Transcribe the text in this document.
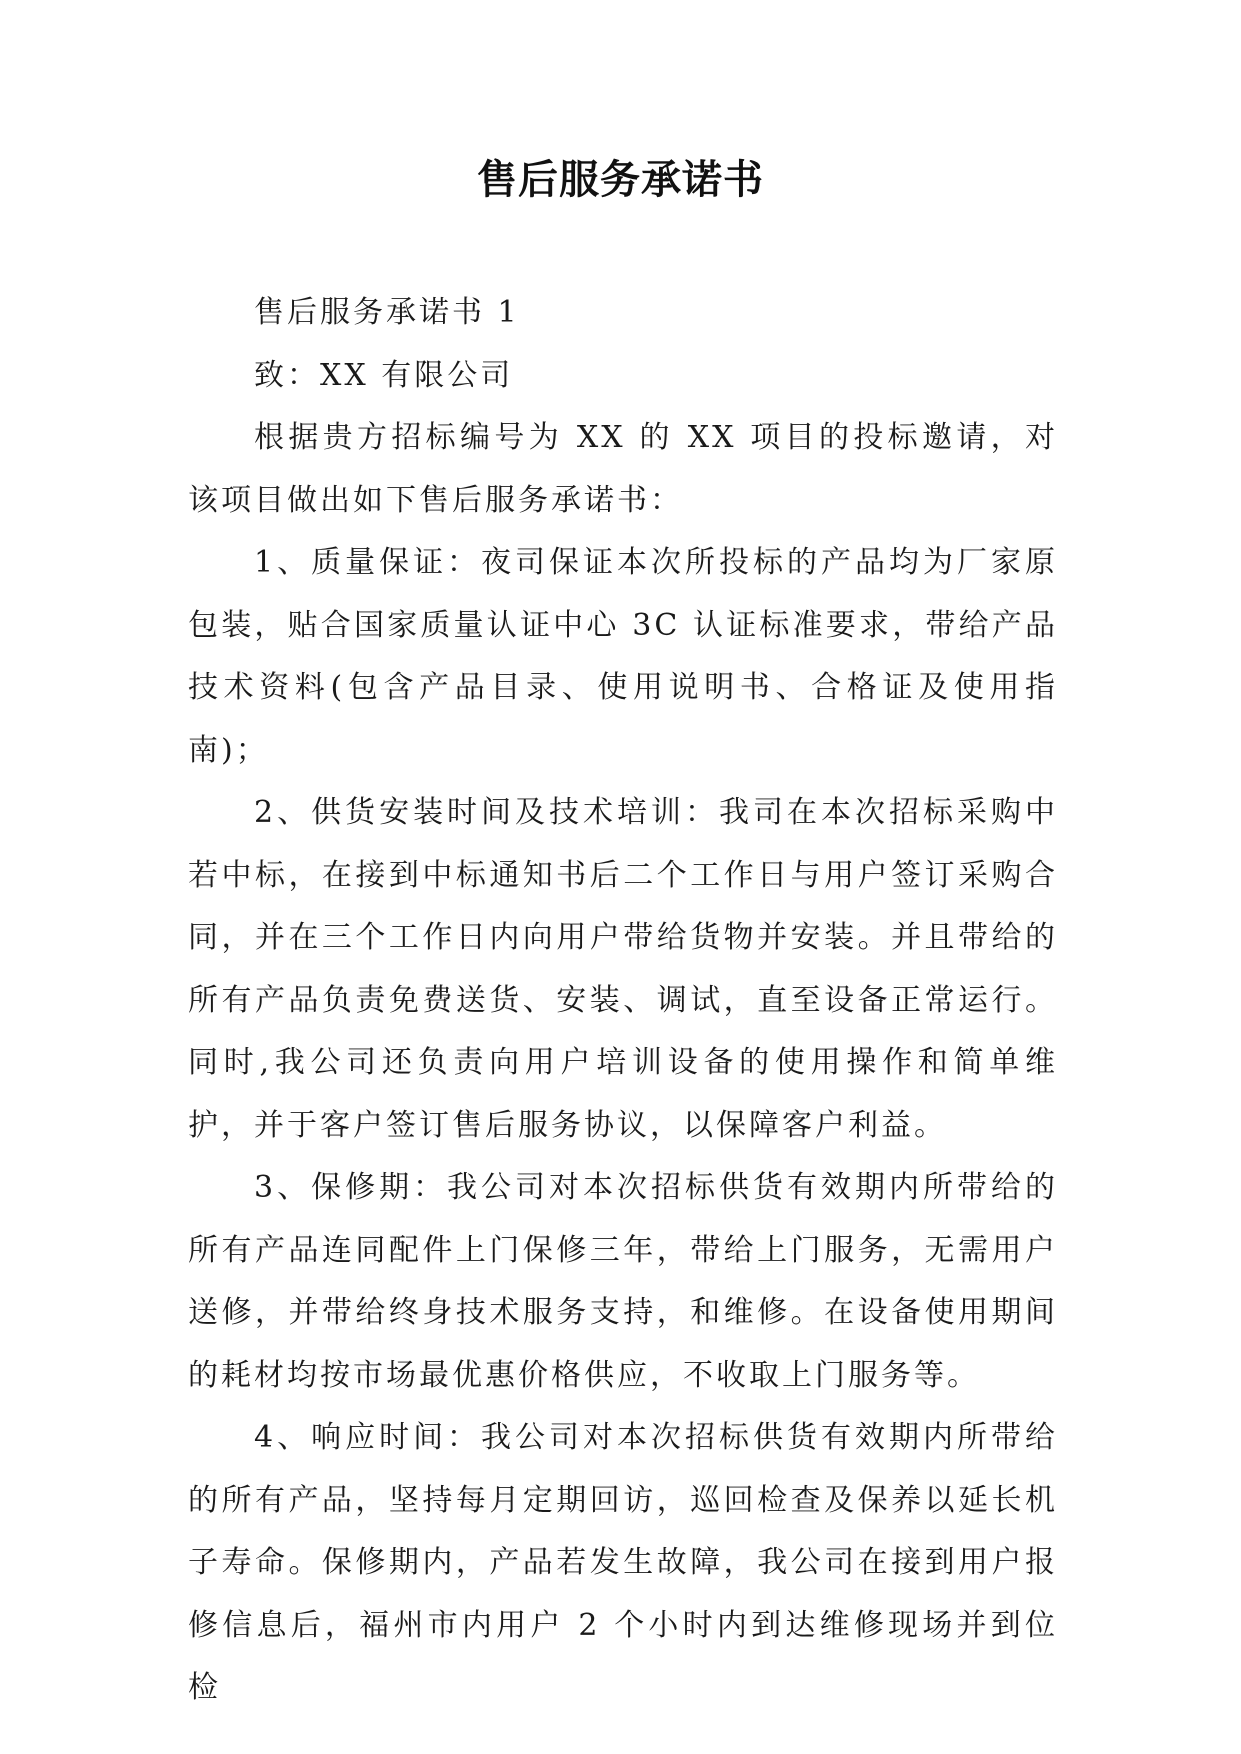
售后服务承诺书

售后服务承诺书 1

致：XX 有限公司

根据贵方招标编号为 XX 的 XX 项目的投标邀请，对该项目做出如下售后服务承诺书：

1、质量保证：夜司保证本次所投标的产品均为厂家原包装，贴合国家质量认证中心 3C 认证标准要求，带给产品技术资料(包含产品目录、使用说明书、合格证及使用指南)；

2、供货安装时间及技术培训：我司在本次招标采购中若中标，在接到中标通知书后二个工作日与用户签订采购合同，并在三个工作日内向用户带给货物并安装。并且带给的所有产品负责免费送货、安装、调试，直至设备正常运行。同时,我公司还负责向用户培训设备的使用操作和简单维护，并于客户签订售后服务协议，以保障客户利益。

3、保修期：我公司对本次招标供货有效期内所带给的所有产品连同配件上门保修三年，带给上门服务，无需用户送修，并带给终身技术服务支持，和维修。在设备使用期间的耗材均按市场最优惠价格供应，不收取上门服务等。

4、响应时间：我公司对本次招标供货有效期内所带给的所有产品，坚持每月定期回访，巡回检查及保养以延长机子寿命。保修期内，产品若发生故障，我公司在接到用户报修信息后，福州市内用户 2 个小时内到达维修现场并到位检
